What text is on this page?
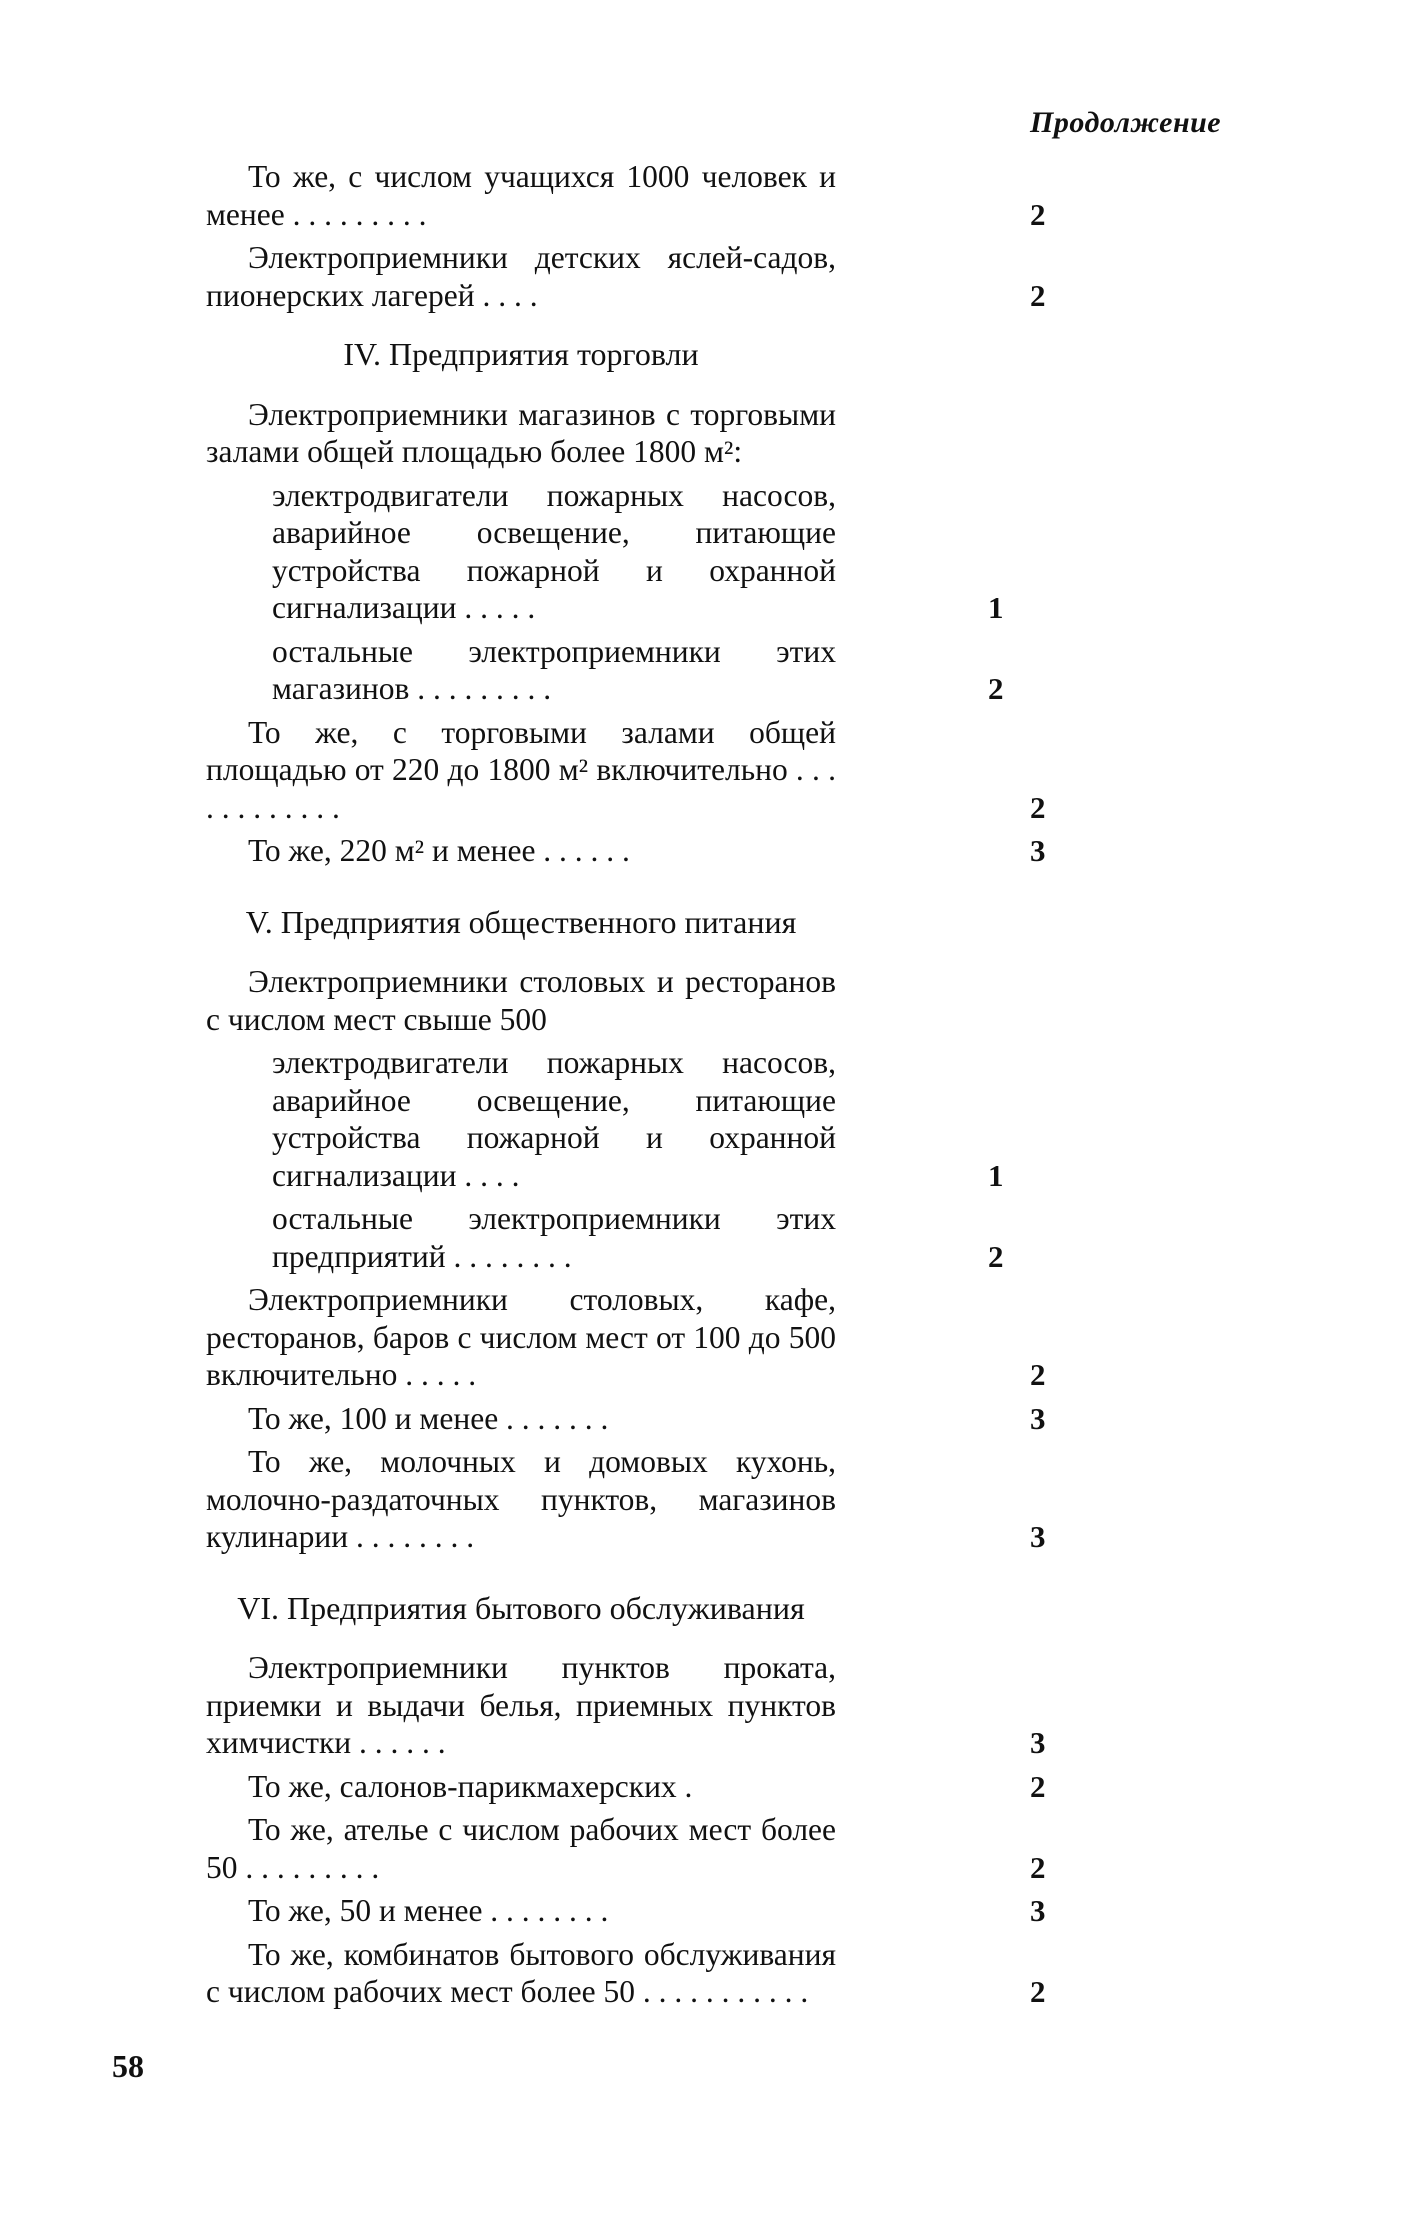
Продолжение
То же, с числом учащихся 1000 человек и менее . . . . . . . . .	2
Электроприемники детских яслей-садов, пионерских лагерей . . . .	2
IV. Предприятия торговли
Электроприемники магазинов с торговыми залами общей площадью более 1800 м²:
электродвигатели пожарных насосов, аварийное освещение, питающие устройства пожарной и охранной сигнализации . . . . .	1
остальные электроприемники этих магазинов . . . . . . . . .	2
То же, с торговыми залами общей площадью от 220 до 1800 м² включительно . . . . . . . . . . . .	2
То же, 220 м² и менее . . . . . .	3
V. Предприятия общественного питания
Электроприемники столовых и ресторанов с числом мест свыше 500
электродвигатели пожарных насосов, аварийное освещение, питающие устройства пожарной и охранной сигнализации . . . .	1
остальные электроприемники этих предприятий . . . . . . . .	2
Электроприемники столовых, кафе, ресторанов, баров с числом мест от 100 до 500 включительно . . . . .	2
То же, 100 и менее . . . . . . .	3
То же, молочных и домовых кухонь, молочно-раздаточных пунктов, магазинов кулинарии . . . . . . . .	3
VI. Предприятия бытового обслуживания
Электроприемники пунктов проката, приемки и выдачи белья, приемных пунктов химчистки . . . . . .	3
То же, салонов-парикмахерских .	2
То же, ателье с числом рабочих мест более 50 . . . . . . . . .	2
То же, 50 и менее . . . . . . . .	3
То же, комбинатов бытового обслуживания с числом рабочих мест более 50 . . . . . . . . . . .	2
58
